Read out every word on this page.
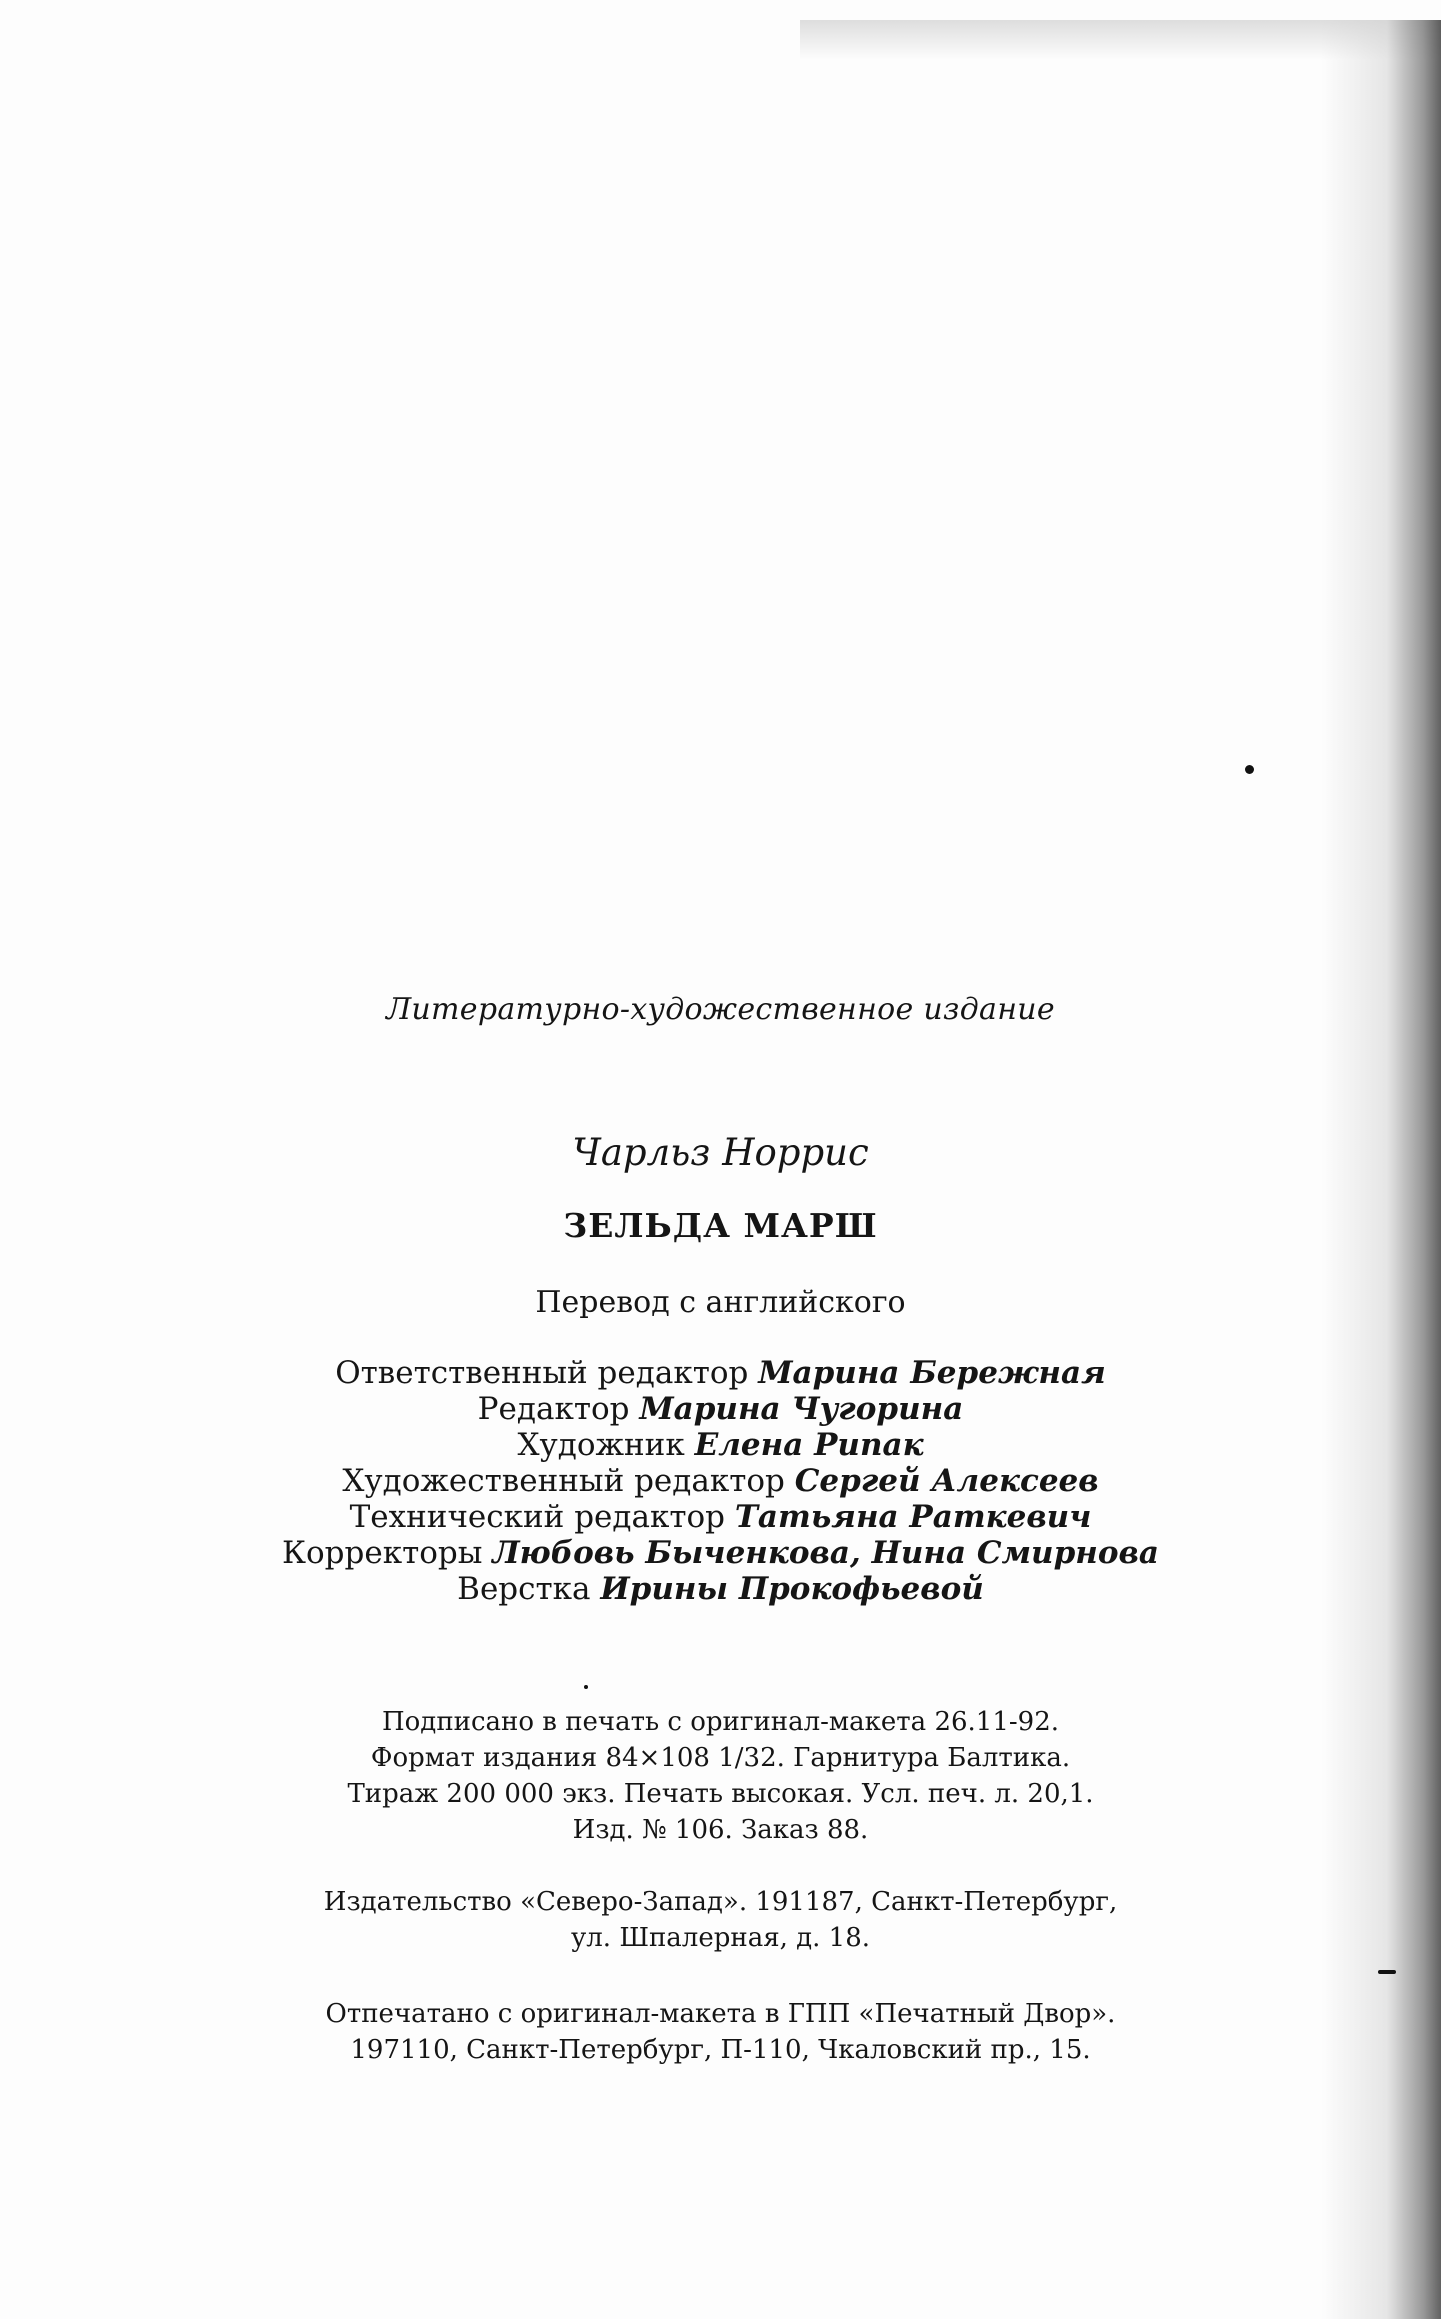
Литературно-художественное издание
Чарльз Норрис
ЗЕЛЬДА МАРШ
Перевод с английского
Ответственный редактор Марина Бережная
Редактор Марина Чугорина
Художник Елена Рипак
Художественный редактор Сергей Алексеев
Технический редактор Татьяна Раткевич
Корректоры Любовь Быченкова, Нина Смирнова
Верстка Ирины Прокофьевой
Подписано в печать с оригинал-макета 26.11-92.
Формат издания 84×108 1/32. Гарнитура Балтика.
Тираж 200 000 экз. Печать высокая. Усл. печ. л. 20,1.
Изд. № 106. Заказ 88.
Издательство «Северо-Запад». 191187, Санкт-Петербург,
ул. Шпалерная, д. 18.
Отпечатано с оригинал-макета в ГПП «Печатный Двор».
197110, Санкт-Петербург, П-110, Чкаловский пр., 15.
